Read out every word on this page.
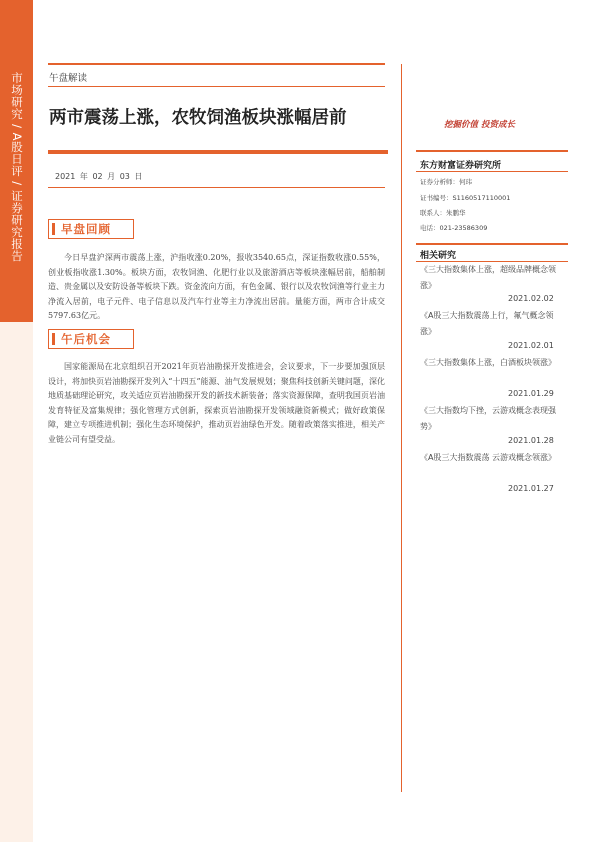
市场研究 / A股日评 / 证券研究报告	午盘解读
两市震荡上涨，农牧饲渔板块涨幅居前
2021 年 02 月 03 日
早盘回顾

今日早盘沪深两市震荡上涨，沪指收涨0.20%，报收3540.65点，深证指数收涨0.55%，创业板指收涨1.30%。板块方面，农牧饲渔、化肥行业以及旅游酒店等板块涨幅居前，船舶制造、贵金属以及安防设备等板块下跌。资金流向方面，有色金属、银行以及农牧饲渔等行业主力净流入居前，电子元件、电子信息以及汽车行业等主力净流出居前。量能方面，两市合计成交5797.63亿元。

午后机会

国家能源局在北京组织召开2021年页岩油勘探开发推进会，会议要求，下一步要加强顶层设计，将加快页岩油勘探开发列入“十四五”能源、油气发展规划；聚焦科技创新关键问题，深化地质基础理论研究，攻关适应页岩油勘探开发的新技术新装备；落实资源保障，查明我国页岩油发育特征及富集规律；强化管理方式创新，探索页岩油勘探开发领域融资新模式；做好政策保障，建立专项推进机制；强化生态环境保护，推动页岩油绿色开发。随着政策落实推进，相关产业链公司有望受益。

挖掘价值 投资成长
东方财富证券研究所
证券分析师：何玮
证书编号：S1160517110001
联系人：朱鹏华
电话：021-23586309
相关研究
《三大指数集体上涨，超级品牌概念领涨》
2021.02.02
《A股三大指数震荡上行，氟气概念领涨》
2021.02.01
《三大指数集体上涨，白酒板块领涨》
2021.01.29
《三大指数均下挫，云游戏概念表现强势》
2021.01.28
《A股三大指数震荡 云游戏概念领涨》
2021.01.27
